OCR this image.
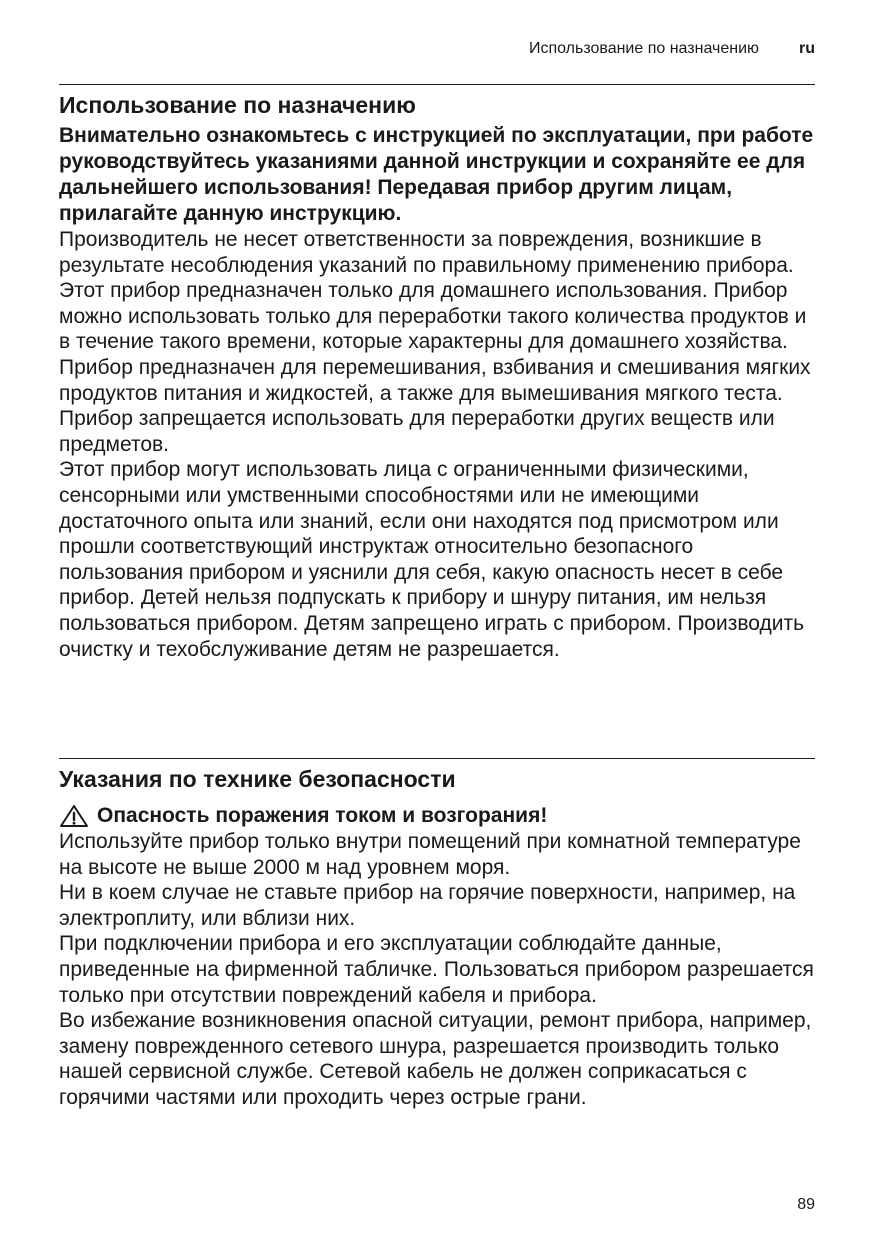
Использование по назначению	ru
Использование по назначению
Внимательно ознакомьтесь с инструкцией по эксплуатации, при работе руководствуйтесь указаниями данной инструкции и сохраняйте ее для дальнейшего использования! Передавая прибор другим лицам, прилагайте данную инструкцию.

Производитель не несет ответственности за повреждения, возникшие в результате несоблюдения указаний по правильному применению прибора.

Этот прибор предназначен только для домашнего использования. Прибор можно использовать только для переработки такого количества продуктов и в течение такого времени, которые характерны для домашнего хозяйства.

Прибор предназначен для перемешивания, взбивания и смешивания мягких продуктов питания и жидкостей, а также для вымешивания мягкого теста. Прибор запрещается использовать для переработки других веществ или предметов.

Этот прибор могут использовать лица с ограниченными физическими, сенсорными или умственными способностями или не имеющими достаточного опыта или знаний, если они находятся под присмотром или прошли соответствующий инструктаж относительно безопасного пользования прибором и уяснили для себя, какую опасность несет в себе прибор. Детей нельзя подпускать к прибору и шнуру питания, им нельзя пользоваться прибором. Детям запрещено играть с прибором. Производить очистку и техобслуживание детям не разрешается.

Указания по технике безопасности
Опасность поражения током и возгорания!

Используйте прибор только внутри помещений при комнатной температуре на высоте не выше 2000 м над уровнем моря.

Ни в коем случае не ставьте прибор на горячие поверхности, например, на электроплиту, или вблизи них.

При подключении прибора и его эксплуатации соблюдайте данные, приведенные на фирменной табличке. Пользоваться прибором разрешается только при отсутствии повреждений кабеля и прибора.

Во избежание возникновения опасной ситуации, ремонт прибора, например, замену поврежденного сетевого шнура, разрешается производить только нашей сервисной службе. Сетевой кабель не должен соприкасаться с горячими частями или проходить через острые грани.

89
